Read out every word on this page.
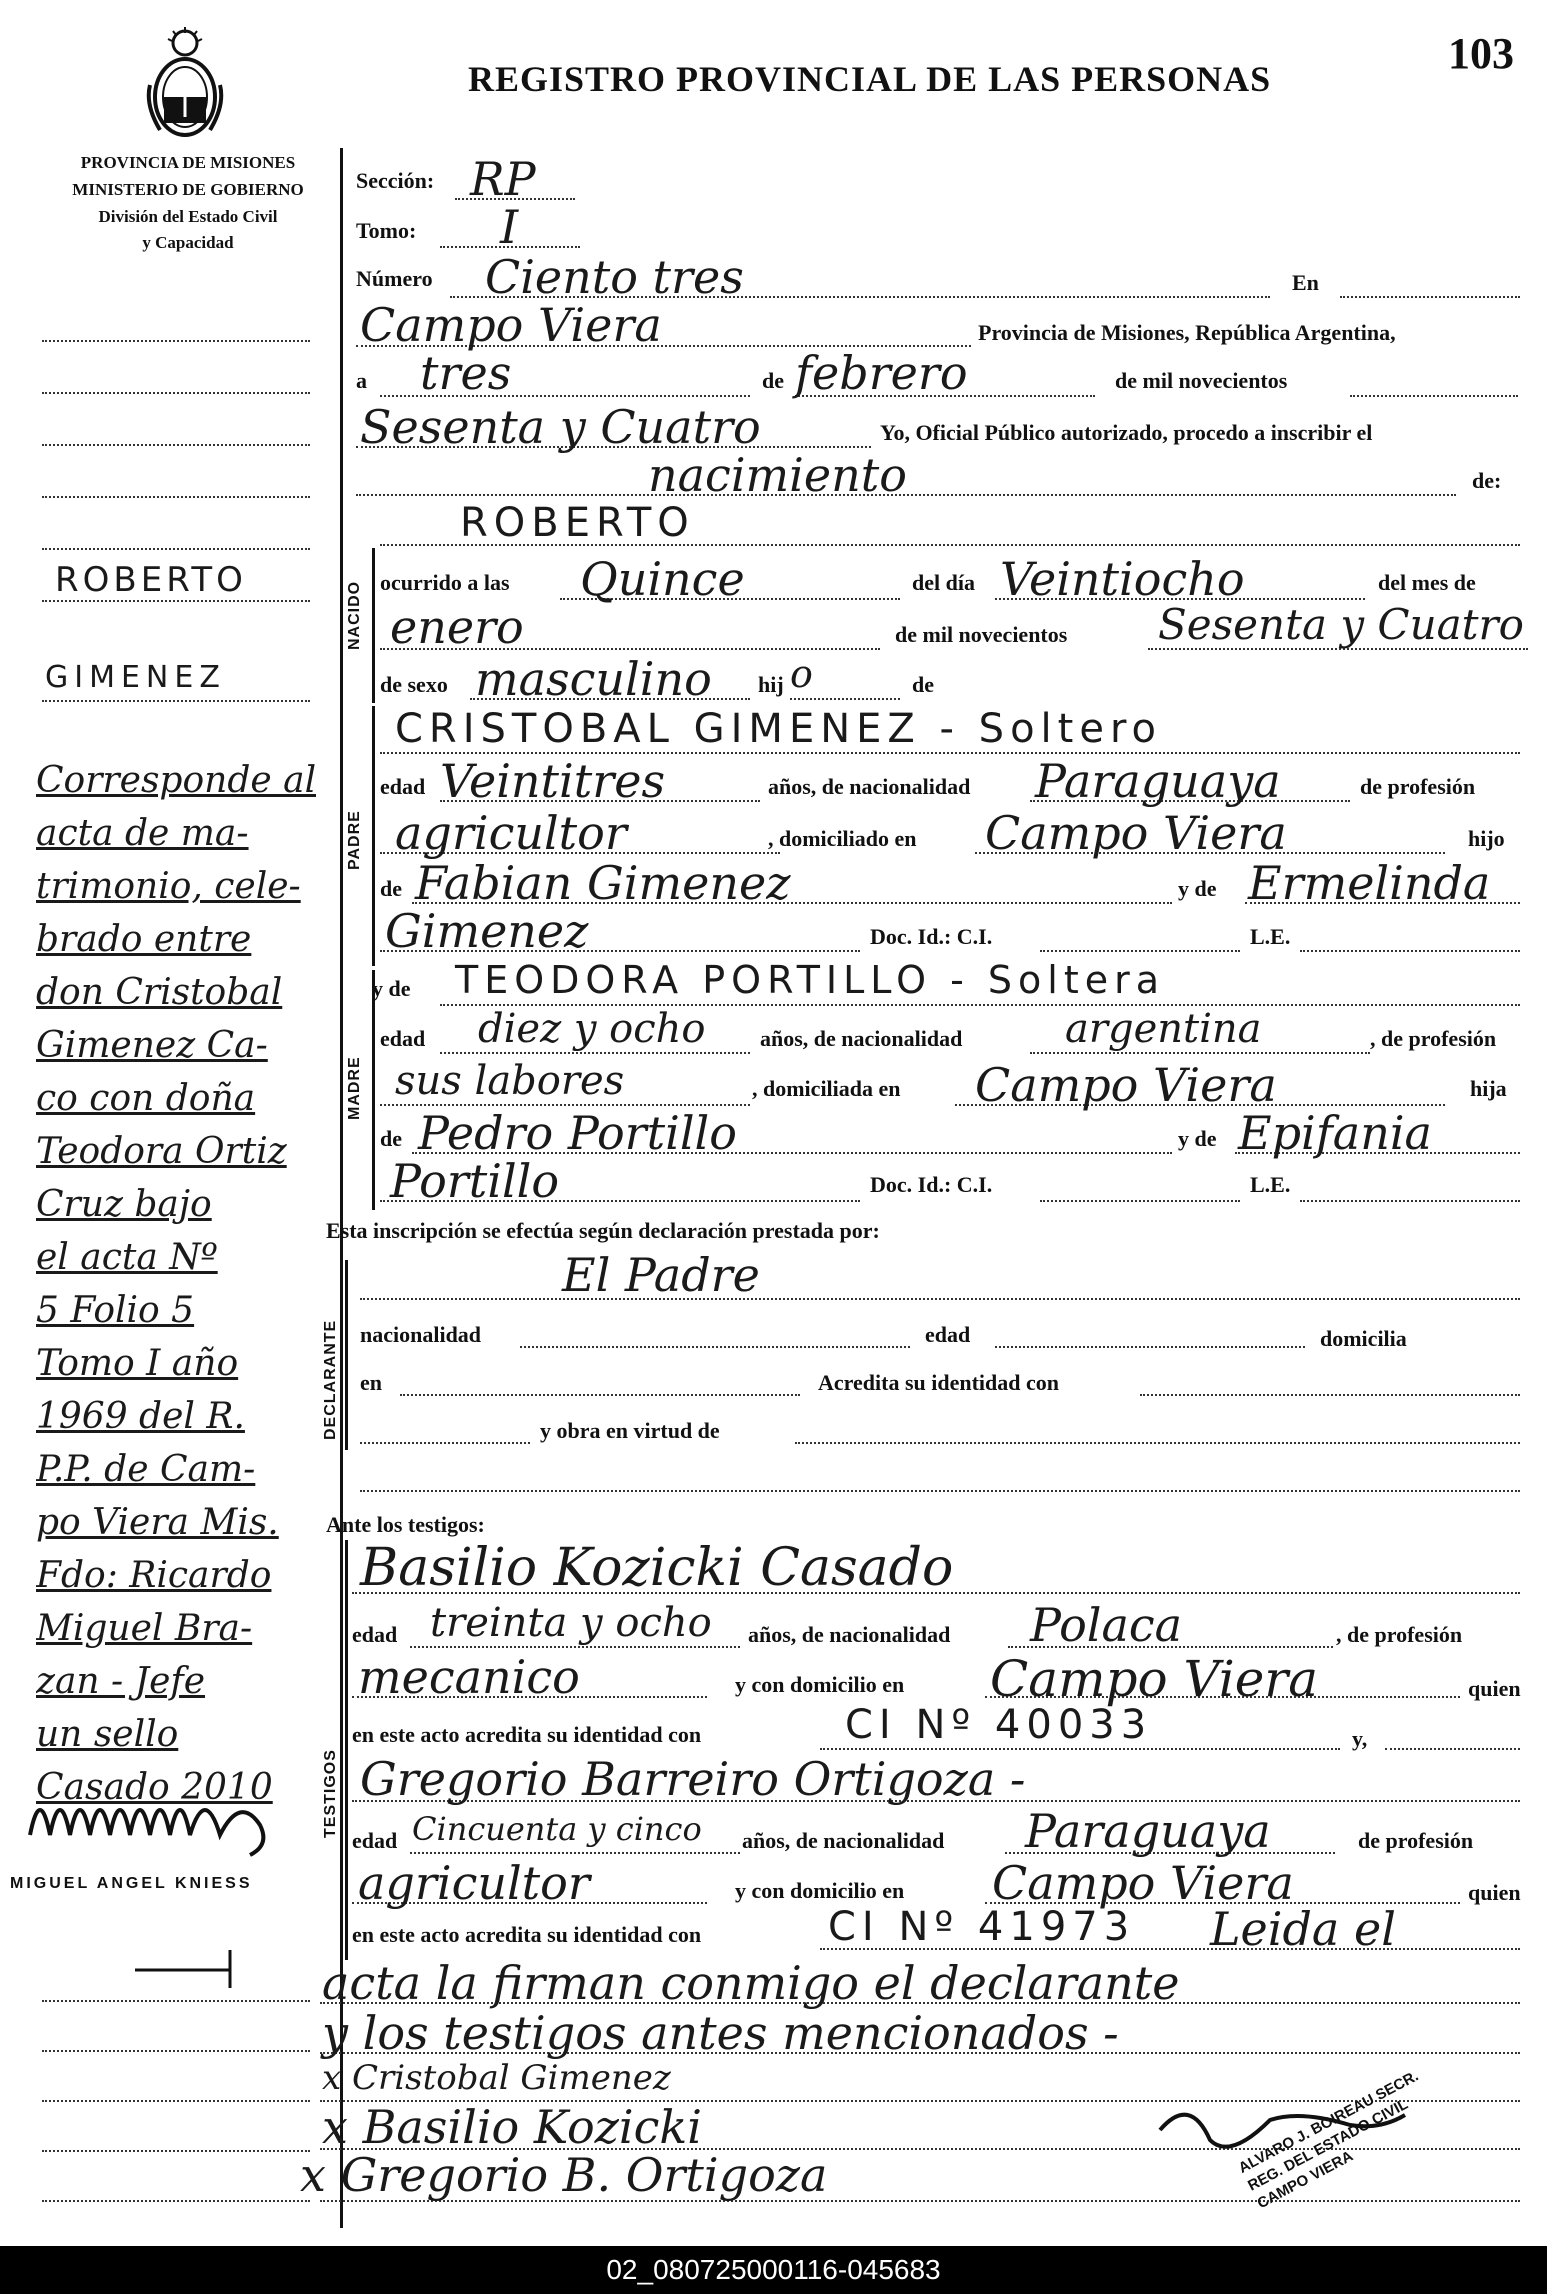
REGISTRO PROVINCIAL DE LAS PERSONAS
103
PROVINCIA DE MISIONES
MINISTERIO DE GOBIERNO
División del Estado Civil
y Capacidad
NACIDO
PADRE
MADRE
DECLARANTE
TESTIGOS
Sección: RP
Tomo: I
Número Ciento tres	En
Campo Viera	Provincia de Misiones, República Argentina,
a tres	de febrero	de mil novecientos
Sesenta y Cuatro	Yo, Oficial Público autorizado, procedo a inscribir el
nacimiento	de:
ROBERTO
ocurrido a las Quince	del día Veintiocho	del mes de
enero	de mil novecientos Sesenta y Cuatro
de sexo masculino hij o	de
CRISTOBAL GIMENEZ - Soltero
edad Veintitres	años, de nacionalidad Paraguaya	de profesión
agricultor	, domiciliado en Campo Viera	hijo
de Fabian Gimenez	y de Ermelinda
Gimenez	Doc. Id.: C.I.	L.E.
y de TEODORA PORTILLO - Soltera
edad diez y ocho años, de nacionalidad	argentina	, de profesión
sus labores	, domiciliada en Campo Viera	hija
de Pedro Portillo	y de Epifania
Portillo	Doc. Id.: C.I.	L.E.
Esta inscripción se efectúa según declaración prestada por:
El Padre
nacionalidad	edad	domicilia
en	Acredita su identidad con
y obra en virtud de
Ante los testigos:
Basilio Kozicki Casado
edad treinta y ocho años, de nacionalidad Polaca	, de profesión
mecanico	y con domicilio en Campo Viera	quien
en este acto acredita su identidad con	CI Nº 40033	y,
Gregorio Barreiro Ortigoza -
edad Cincuenta y cinco años, de nacionalidad Paraguaya	de profesión
agricultor	y con domicilio en Campo Viera	quien
en este acto acredita su identidad con	CI Nº 41973 Leida el
acta la firman conmigo el declarante
y los testigos antes mencionados -
x Cristobal Gimenez
x Basilio Kozicki
x Gregorio B. Ortigoza	ALVARO J. BOIREAU SECR. REG. DEL ESTADO CIVIL CAMPO VIERA
ROBERTO
GIMENEZ
Corresponde al
acta de ma-
trimonio, cele-
brado entre
don Cristobal
Gimenez Ca-
co con doña
Teodora Ortiz
Cruz bajo
el acta Nº
5 Folio 5
Tomo I año
1969 del R.
P.P. de Cam-
po Viera Mis.
Fdo: Ricardo
Miguel Bra-
zan - Jefe
un sello
Casado 2010
MIGUEL ANGEL KNIESS
02_080725000116-045683
